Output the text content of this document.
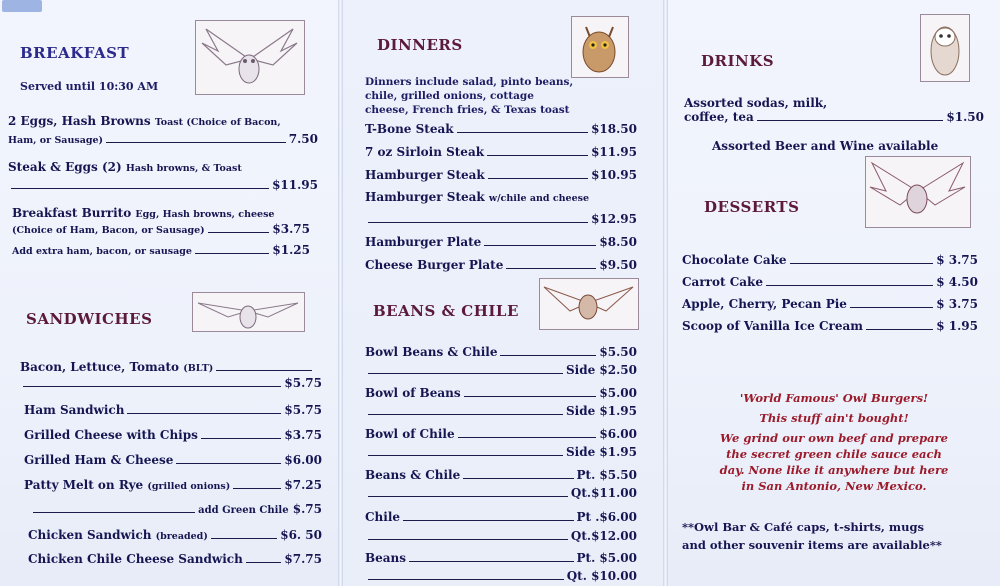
BREAKFAST
Served until 10:30 AM
2 Eggs, Hash Browns Toast (Choice of Bacon,
Ham, or Sausage)	7.50
Steak & Eggs (2) Hash browns, & Toast
$11.95
Breakfast Burrito Egg, Hash browns, cheese
(Choice of Ham, Bacon, or Sausage)	$3.75
Add extra ham, bacon, or sausage	$1.25
SANDWICHES
Bacon, Lettuce, Tomato (BLT)
$5.75
Ham Sandwich	$5.75
Grilled Cheese with Chips	$3.75
Grilled Ham & Cheese	$6.00
Patty Melt on Rye (grilled onions)	$7.25
add Green Chile $.75
Chicken Sandwich (breaded)	$6. 50
Chicken Chile Cheese Sandwich	$7.75
DINNERS
Dinners include salad, pinto beans, chile, grilled onions, cottage cheese, French fries, & Texas toast
T-Bone Steak	$18.50
7 oz Sirloin Steak	$11.95
Hamburger Steak	$10.95
Hamburger Steak w/chile and cheese
$12.95
Hamburger Plate	$8.50
Cheese Burger Plate	$9.50
BEANS & CHILE
Bowl Beans & Chile	$5.50
Side $2.50
Bowl of Beans	$5.00
Side $1.95
Bowl of Chile	$6.00
Side $1.95
Beans & Chile	Pt. $5.50
Qt.$11.00
Chile	Pt .$6.00
Qt.$12.00
Beans	Pt. $5.00
Qt. $10.00
DRINKS
Assorted sodas, milk,
coffee, tea	$1.50
Assorted Beer and Wine available
DESSERTS
Chocolate Cake	$ 3.75
Carrot Cake	$ 4.50
Apple, Cherry, Pecan Pie	$ 3.75
Scoop of Vanilla Ice Cream	$ 1.95
'World Famous' Owl Burgers!
This stuff ain't bought!
We grind our own beef and prepare
the secret green chile sauce each
day. None like it anywhere but here
in San Antonio, New Mexico.
**Owl Bar & Café caps, t-shirts, mugs
and other souvenir items are available**
